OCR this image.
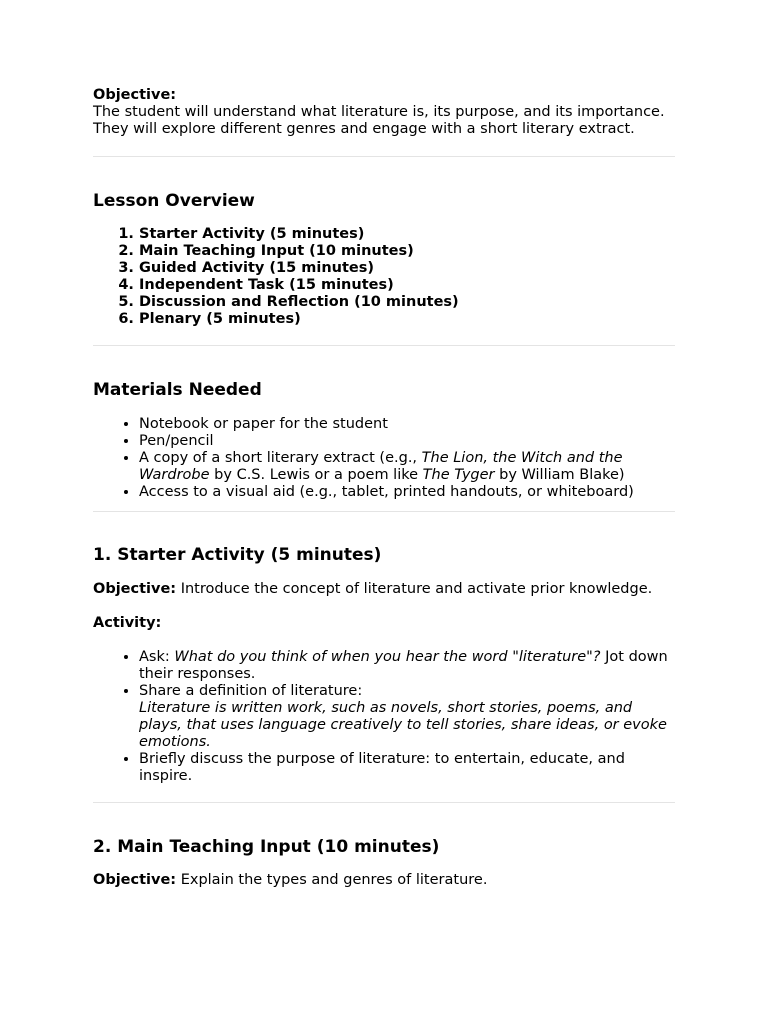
Objective:

The student will understand what literature is, its purpose, and its importance. They will explore different genres and engage with a short literary extract.

Lesson Overview
1. Starter Activity (5 minutes)
2. Main Teaching Input (10 minutes)
3. Guided Activity (15 minutes)
4. Independent Task (15 minutes)
5. Discussion and Reflection (10 minutes)
6. Plenary (5 minutes)
Materials Needed
• Notebook or paper for the student
• Pen/pencil
• A copy of a short literary extract (e.g., The Lion, the Witch and the Wardrobe by C.S. Lewis or a poem like The Tyger by William Blake)
• Access to a visual aid (e.g., tablet, printed handouts, or whiteboard)
1. Starter Activity (5 minutes)

Objective: Introduce the concept of literature and activate prior knowledge.

Activity:

• Ask: What do you think of when you hear the word "literature"? Jot down their responses.
• Share a definition of literature:
Literature is written work, such as novels, short stories, poems, and plays, that uses language creatively to tell stories, share ideas, or evoke emotions.
• Briefly discuss the purpose of literature: to entertain, educate, and inspire.
2. Main Teaching Input (10 minutes)

Objective: Explain the types and genres of literature.
